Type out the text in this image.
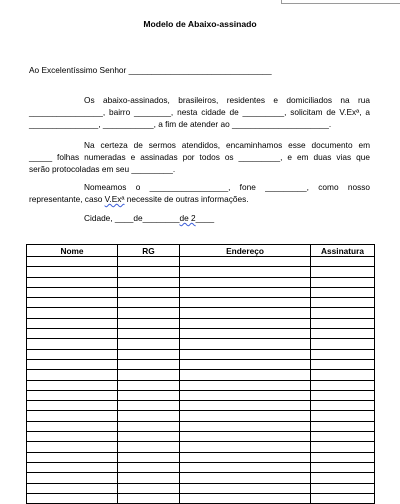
Modelo de Abaixo-assinado
Ao Excelentíssimo Senhor _______________________________
Os abaixo-assinados, brasileiros, residentes e domiciliados na rua
________________, bairro ________, nesta cidade de _________, solicitam de V.Exª, a
_______________, ___________, a fim de atender ao _____________________.
Na certeza de sermos atendidos, encaminhamos esse documento em
_____ folhas numeradas e assinadas por todos os _________, e em duas vias que
serão protocoladas em seu _________.
Nomeamos o _________________, fone _________, como nosso
representante, caso V.Exª necessite de outras informações.
Cidade, ____de________de 2____
Nome	RG	Endereço	Assinatura
